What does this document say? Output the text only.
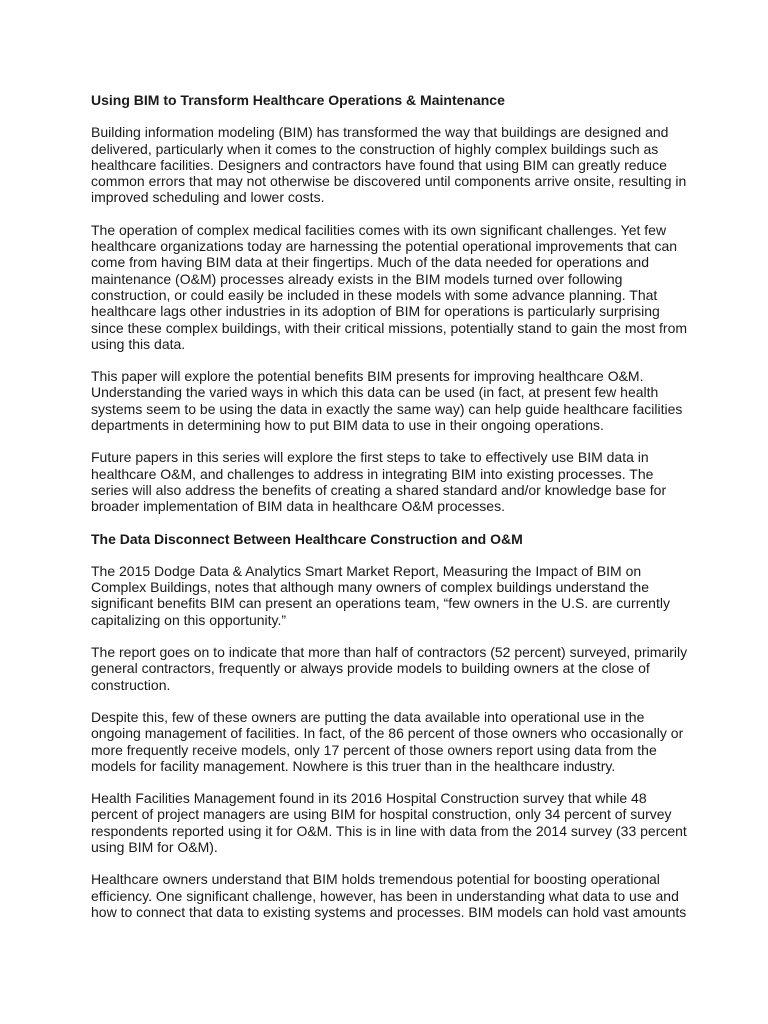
Using BIM to Transform Healthcare Operations & Maintenance

Building information modeling (BIM) has transformed the way that buildings are designed and delivered, particularly when it comes to the construction of highly complex buildings such as healthcare facilities. Designers and contractors have found that using BIM can greatly reduce common errors that may not otherwise be discovered until components arrive onsite, resulting in improved scheduling and lower costs.

The operation of complex medical facilities comes with its own significant challenges. Yet few healthcare organizations today are harnessing the potential operational improvements that can come from having BIM data at their fingertips. Much of the data needed for operations and maintenance (O&M) processes already exists in the BIM models turned over following construction, or could easily be included in these models with some advance planning. That healthcare lags other industries in its adoption of BIM for operations is particularly surprising since these complex buildings, with their critical missions, potentially stand to gain the most from using this data.

This paper will explore the potential benefits BIM presents for improving healthcare O&M. Understanding the varied ways in which this data can be used (in fact, at present few health systems seem to be using the data in exactly the same way) can help guide healthcare facilities departments in determining how to put BIM data to use in their ongoing operations.

Future papers in this series will explore the first steps to take to effectively use BIM data in healthcare O&M, and challenges to address in integrating BIM into existing processes. The series will also address the benefits of creating a shared standard and/or knowledge base for broader implementation of BIM data in healthcare O&M processes.

The Data Disconnect Between Healthcare Construction and O&M

The 2015 Dodge Data & Analytics Smart Market Report, Measuring the Impact of BIM on Complex Buildings, notes that although many owners of complex buildings understand the significant benefits BIM can present an operations team, “few owners in the U.S. are currently capitalizing on this opportunity.”

The report goes on to indicate that more than half of contractors (52 percent) surveyed, primarily general contractors, frequently or always provide models to building owners at the close of construction.

Despite this, few of these owners are putting the data available into operational use in the ongoing management of facilities. In fact, of the 86 percent of those owners who occasionally or more frequently receive models, only 17 percent of those owners report using data from the models for facility management. Nowhere is this truer than in the healthcare industry.

Health Facilities Management found in its 2016 Hospital Construction survey that while 48 percent of project managers are using BIM for hospital construction, only 34 percent of survey respondents reported using it for O&M. This is in line with data from the 2014 survey (33 percent using BIM for O&M).

Healthcare owners understand that BIM holds tremendous potential for boosting operational efficiency. One significant challenge, however, has been in understanding what data to use and how to connect that data to existing systems and processes. BIM models can hold vast amounts
